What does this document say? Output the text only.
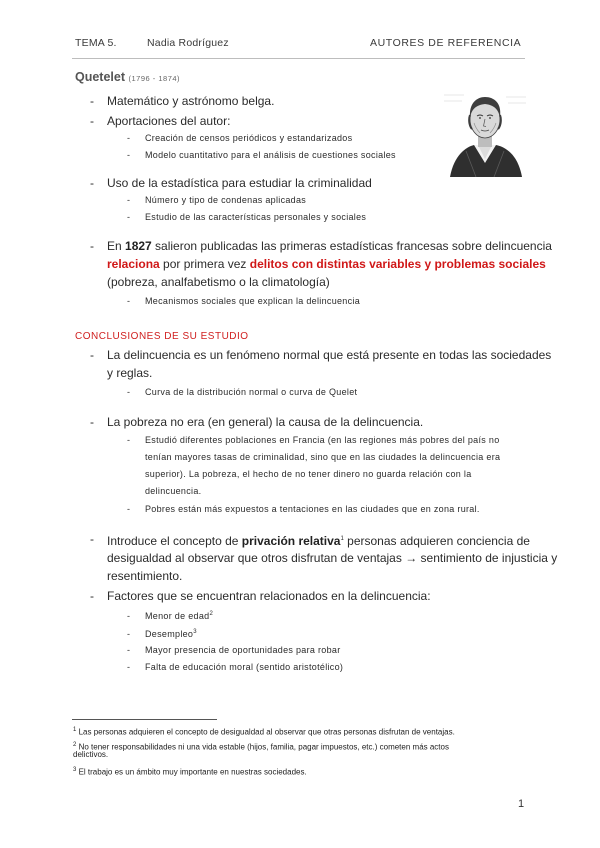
TEMA 5.	Nadia Rodríguez	AUTORES DE REFERENCIA
Quetelet (1796 - 1874)
- Matemático y astrónomo belga.
- Aportaciones del autor:
- Creación de censos periódicos y estandarizados
- Modelo cuantitativo para el análisis de cuestiones sociales
- Uso de la estadística para estudiar la criminalidad
- Número y tipo de condenas aplicadas
- Estudio de las características personales y sociales
- En 1827 salieron publicadas las primeras estadísticas francesas sobre delincuencia
relaciona por primera vez delitos con distintas variables y problemas sociales
(pobreza, analfabetismo o la climatología)
- Mecanismos sociales que explican la delincuencia
CONCLUSIONES DE SU ESTUDIO
- La delincuencia es un fenómeno normal que está presente en todas las sociedades
y reglas.
- Curva de la distribución normal o curva de Quelet
- La pobreza no era (en general) la causa de la delincuencia.
- Estudió diferentes poblaciones en Francia (en las regiones más pobres del país no
tenían mayores tasas de criminalidad, sino que en las ciudades la delincuencia era
superior). La pobreza, el hecho de no tener dinero no guarda relación con la
delincuencia.
- Pobres están más expuestos a tentaciones en las ciudades que en zona rural.
- Introduce el concepto de privación relativa$^1$ personas adquieren conciencia de
desigualdad al observar que otros disfrutan de ventajas → sentimiento de injusticia y
resentimiento.
- Factores que se encuentran relacionados en la delincuencia:
- Menor de edad$^2$
- Desempleo$^3$
- Mayor presencia de oportunidades para robar
- Falta de educación moral (sentido aristotélico)
$^1$ Las personas adquieren el concepto de desigualdad al observar que otras personas disfrutan de ventajas.
$^2$ No tener responsabilidades ni una vida estable (hijos, familia, pagar impuestos, etc.) cometen más actos
delictivos.
$^3$ El trabajo es un ámbito muy importante en nuestras sociedades.
1
